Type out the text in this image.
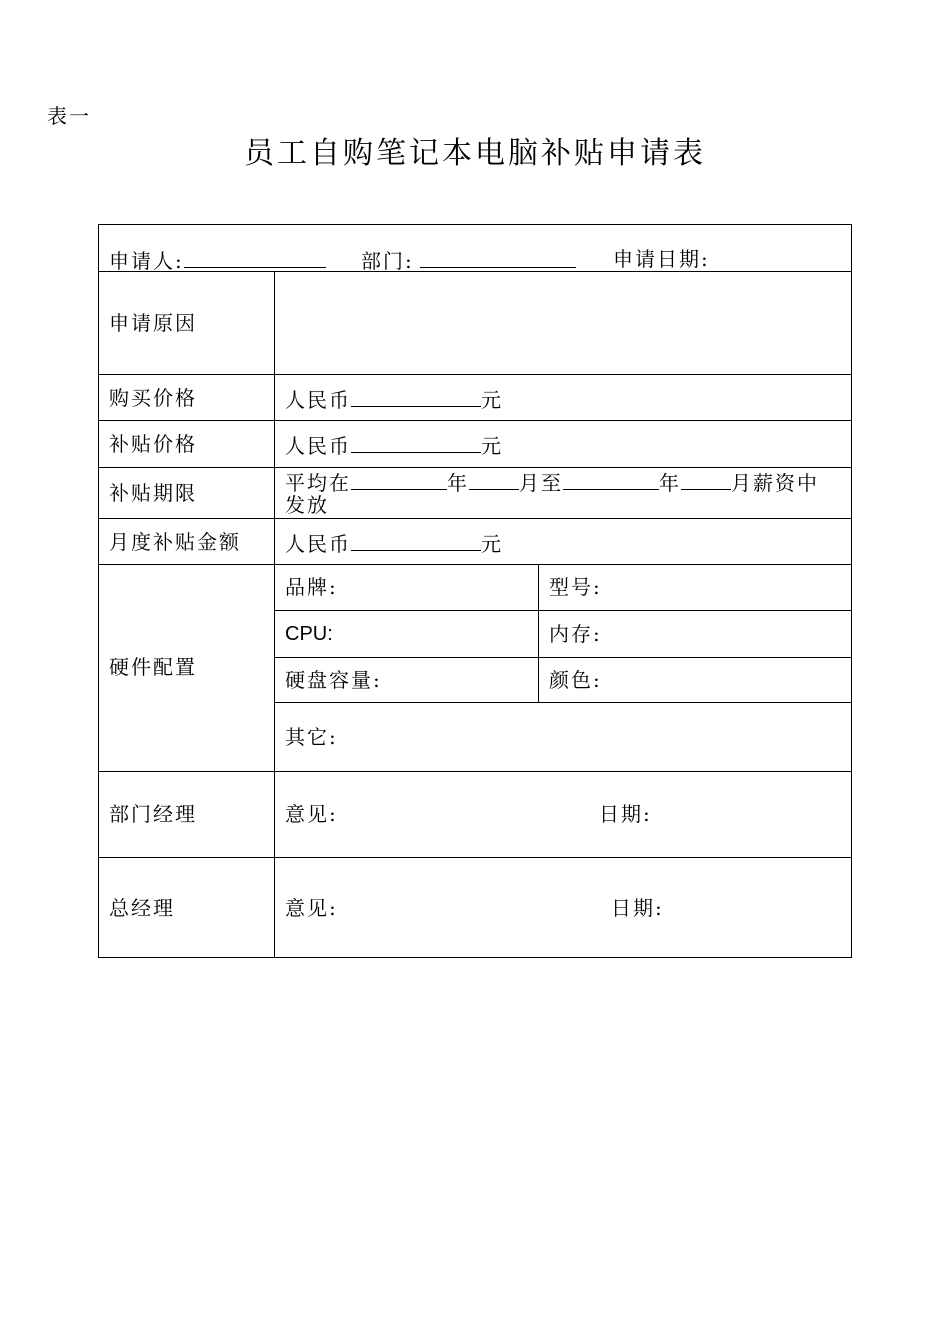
表一
员工自购笔记本电脑补贴申请表
申请人:	部门:	申请日期:
申请原因
购买价格	人民币	元
补贴价格	人民币	元
补贴期限	平均在	年	月至	年	月薪资中
发放
月度补贴金额 人民币	元
硬件配置
品牌:	型号:
CPU:	内存:
硬盘容量:	颜色:
其它:
部门经理	意见:	日期:
总经理	意见:	日期:
